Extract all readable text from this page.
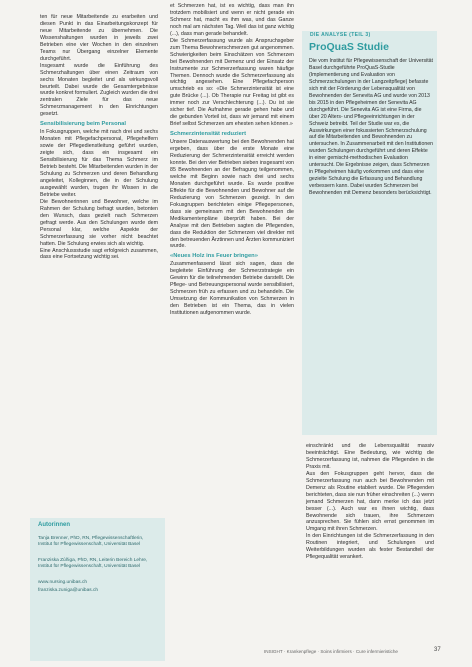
ten für neue Mitarbeitende zu erarbeiten und diesen Punkt in das Einarbeitungskonzept für neue Mitarbeitende zu übernehmen. Die Wissenshaltungen wurden in jeweils zwei Betrieben eine vier Wochen in den einzelnen Teams nur Übergang einzelner Elemente durchgeführt.

Insgesamt wurde die Einführung des Schmerzhaltungen über einen Zeitraum von sechs Monaten begleitet und als wirkungsvoll beurteilt. Dabei wurde die Gesamtergebnisse wurde konkret formuliert. Zugleich wurden die drei zentralen Ziele für das neue Schmerzmanagement in den Einrichtungen gesetzt.

Sensibilisierung beim Personal

In Fokusgruppen, welche mit nach drei und sechs Monaten mit Pflegefachpersonal, Pflegehelfern sowie der Pflegedienstleitung geführt wurden, zeigte sich, dass ein insgesamt ein Sensibilisierung für das Thema Schmerz im Betrieb besteht. Die Mitarbeitenden wurden in der Schulung zu Schmerzen und deren Behandlung angeleitet, Kolleginnen, die in der Schulung ausgewählt wurden, trugen ihr Wissen in die Betriebe weiter.

Die Bewohnerinnen und Bewohner, welche im Rahmen der Schulung befragt wurden, betonten den Wunsch, dass gezielt nach Schmerzen gefragt werde. Aus den Schulungen wurde dem Personal klar, welche Aspekte der Schmerzerfassung sie vorher nicht beachtet hatten. Die Schulung erwies sich als wichtig.

Eine Anschlussstudie sagt erfolgreich zusammen, dass eine Fortsetzung wichtig sei.

et Schmerzen hat, ist es wichtig, dass man ihn trotzdem mobilisiert und wenn er nicht gerade ein Schmerz hat, macht es ihm was, und das Ganze noch mal am nächsten Tag. Weil das ist ganz wichtig (...), dass man gerade behandelt.

Die Schmerzerfassung wurde als Anspruchsgeber zum Thema Bewohnerschmerzen gut angenommen. Schwierigkeiten beim Einschätzen von Schmerzen bei Bewohnenden mit Demenz und der Einsatz der Instrumente zur Schmerzerfassung waren häufige Themen. Dennoch wurde die Schmerzerfassung als wichtig angesehen. Eine Pflegefachperson umschrieb es so: «Die Schmerzintensität ist eine gute Brücke (...). Ob Therapie nur Freitag ist gibt es immer noch zur Verschlechterung (...). Du ist sie sicher tief. Die Aufnahme gerade gehen habe und die gebunden Vorteil ist, dass wir jemand mit einem Brief selbst Schmerzen am ehesten sehen können.»

Schmerzintensität reduziert

Unsere Datenauswertung bei den Bewohnenden hat ergeben, dass über die erste Monate eine Reduzierung der Schmerzintensität erreicht werden konnte. Bei den vier Betrieben sieben insgesamt von 85 Bewohnenden an der Befragung teilgenommen, welche mit Beginn sowie nach drei und sechs Monaten durchgeführt wurde. Es wurde positive Effekte für die Bewohnenden und Bewohner auf die Reduzierung von Schmerzen gezeigt. In den Fokusgruppen berichteten einige Pflegepersonen, dass sie gemeinsam mit den Bewohnenden die Medikamentenpläne überprüft haben. Bei der Analyse mit den Betrieben sagten die Pflegenden, dass die Reduktion der Schmerzen viel direkter mit den betreuenden Ärztinnen und Ärzten kommuniziert wurde.

«Neues Holz ins Feuer bringen»

Zusammenfassend lässt sich sagen, dass die begleitete Einführung der Schmerzstrategie ein Gewinn für die teilnehmenden Betriebe darstellt. Die Pflege- und Betreuungspersonal wurde sensibilisiert, Schmerzen früh zu erfassen und zu behandeln. Die Umsetzung der Kommunikation von Schmerzen in den Betrieben ist ein Thema, das in vielen Institutionen aufgenommen wurde.

DIE ANALYSE (TEIL 3)
ProQuaS Studie
Die vom Institut für Pflegewissenschaft der Universität Basel durchgeführte ProQuaS-Studie (Implementierung und Evaluation von Schmerzschulungen in der Langzeitpflege) befasste sich mit der Förderung der Lebensqualität von Bewohnenden der Senevita AG und wurde von 2013 bis 2015 in den Pflegeheimen der Senevita AG durchgeführt. Die Senevita AG ist eine Firma, die über 20 Alters- und Pflegeeinrichtungen in der Schweiz betreibt. Teil der Studie war es, die Auswirkungen einer fokussierten Schmerzschulung auf die Mitarbeitenden und Bewohnenden zu untersuchen. In Zusammenarbeit mit den Institutionen wurden Schulungen durchgeführt und deren Effekte in einer gemischt-methodischen Evaluation untersucht. Die Ergebnisse zeigen, dass Schmerzen in Pflegeheimen häufig vorkommen und dass eine gezielte Schulung die Erfassung und Behandlung verbessern kann. Dabei wurden Schmerzen bei Bewohnenden mit Demenz besonders berücksichtigt.

einschränkt und die Lebensqualität massiv beeinträchtigt. Eine Bedeutung, wie wichtig die Schmerzerfassung ist, nahmen die Pflegenden in die Praxis mit.

Aus den Fokusgruppen geht hervor, dass die Schmerzerfassung nun auch bei Bewohnenden mit Demenz als Routine etabliert wurde. Die Pflegenden berichteten, dass sie nun früher einschreiten (...) wenn jemand Schmerzen hat, dann merke ich das jetzt besser (...). Auch war es ihnen wichtig, dass Bewohnende sich trauen, ihre Schmerzen anzusprechen. Sie fühlen sich ernst genommen im Umgang mit ihren Schmerzen.

In den Einrichtungen ist die Schmerzerfassung in den Routinen integriert, und Schulungen und Weiterbildungen wurden als fester Bestandteil der Pflegequalität verankert.

Autorinnen
Tanja Brenner, PhD, RN, Pflegewissenschaftlerin, Institut für Pflegewissenschaft, Universität Basel
Franziska Zúñiga, PhD, RN, Leiterin Bereich Lehre, Institut für Pflegewissenschaft, Universität Basel
www.nursing.unibas.ch
franziska.zuniga@unibas.ch
INSIGHT · Krankenpflege · Soins infirmiers · Cure infermieristiche	37
